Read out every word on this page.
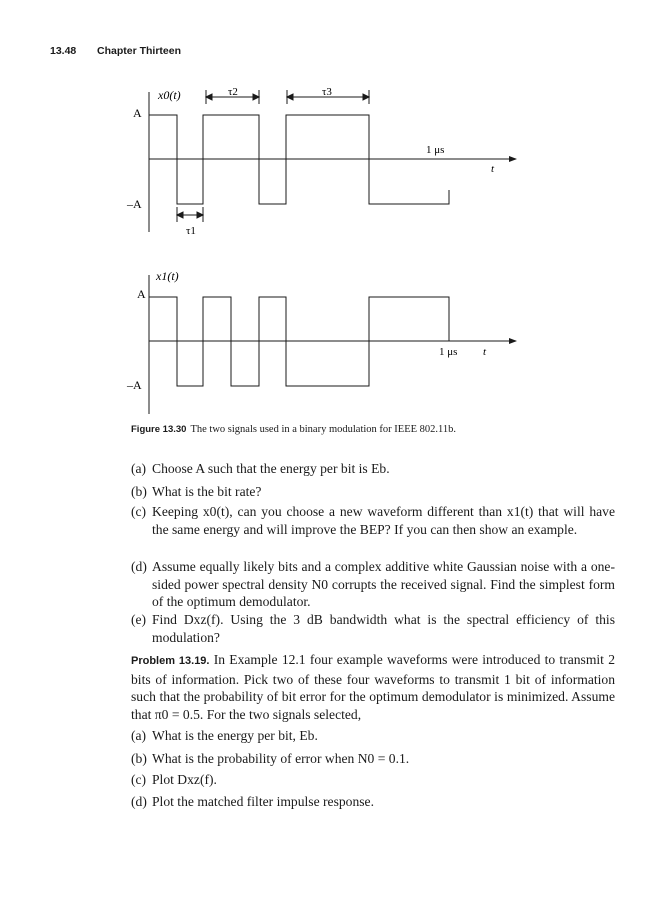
13.48 Chapter Thirteen
x0(t)
A
–A
τ2	τ3
τ1
1 μs
t
x1(t)
A
–A
1 μs t
Figure 13.30 The two signals used in a binary modulation for IEEE 802.11b.
(a) Choose A such that the energy per bit is Eb.
(b) What is the bit rate?
(c) Keeping x0(t), can you choose a new waveform different than x1(t) that will have the same energy and will improve the BEP? If you can then show an example.
(d) Assume equally likely bits and a complex additive white Gaussian noise with a one-sided power spectral density N0 corrupts the received signal. Find the simplest form of the optimum demodulator.
(e) Find Dxz(f). Using the 3 dB bandwidth what is the spectral efficiency of this modulation?
Problem 13.19. In Example 12.1 four example waveforms were introduced to transmit 2 bits of information. Pick two of these four waveforms to transmit 1 bit of information such that the probability of bit error for the optimum demodulator is minimized. Assume that π0 = 0.5. For the two signals selected,
(a) What is the energy per bit, Eb.
(b) What is the probability of error when N0 = 0.1.
(c) Plot Dxz(f).
(d) Plot the matched filter impulse response.
